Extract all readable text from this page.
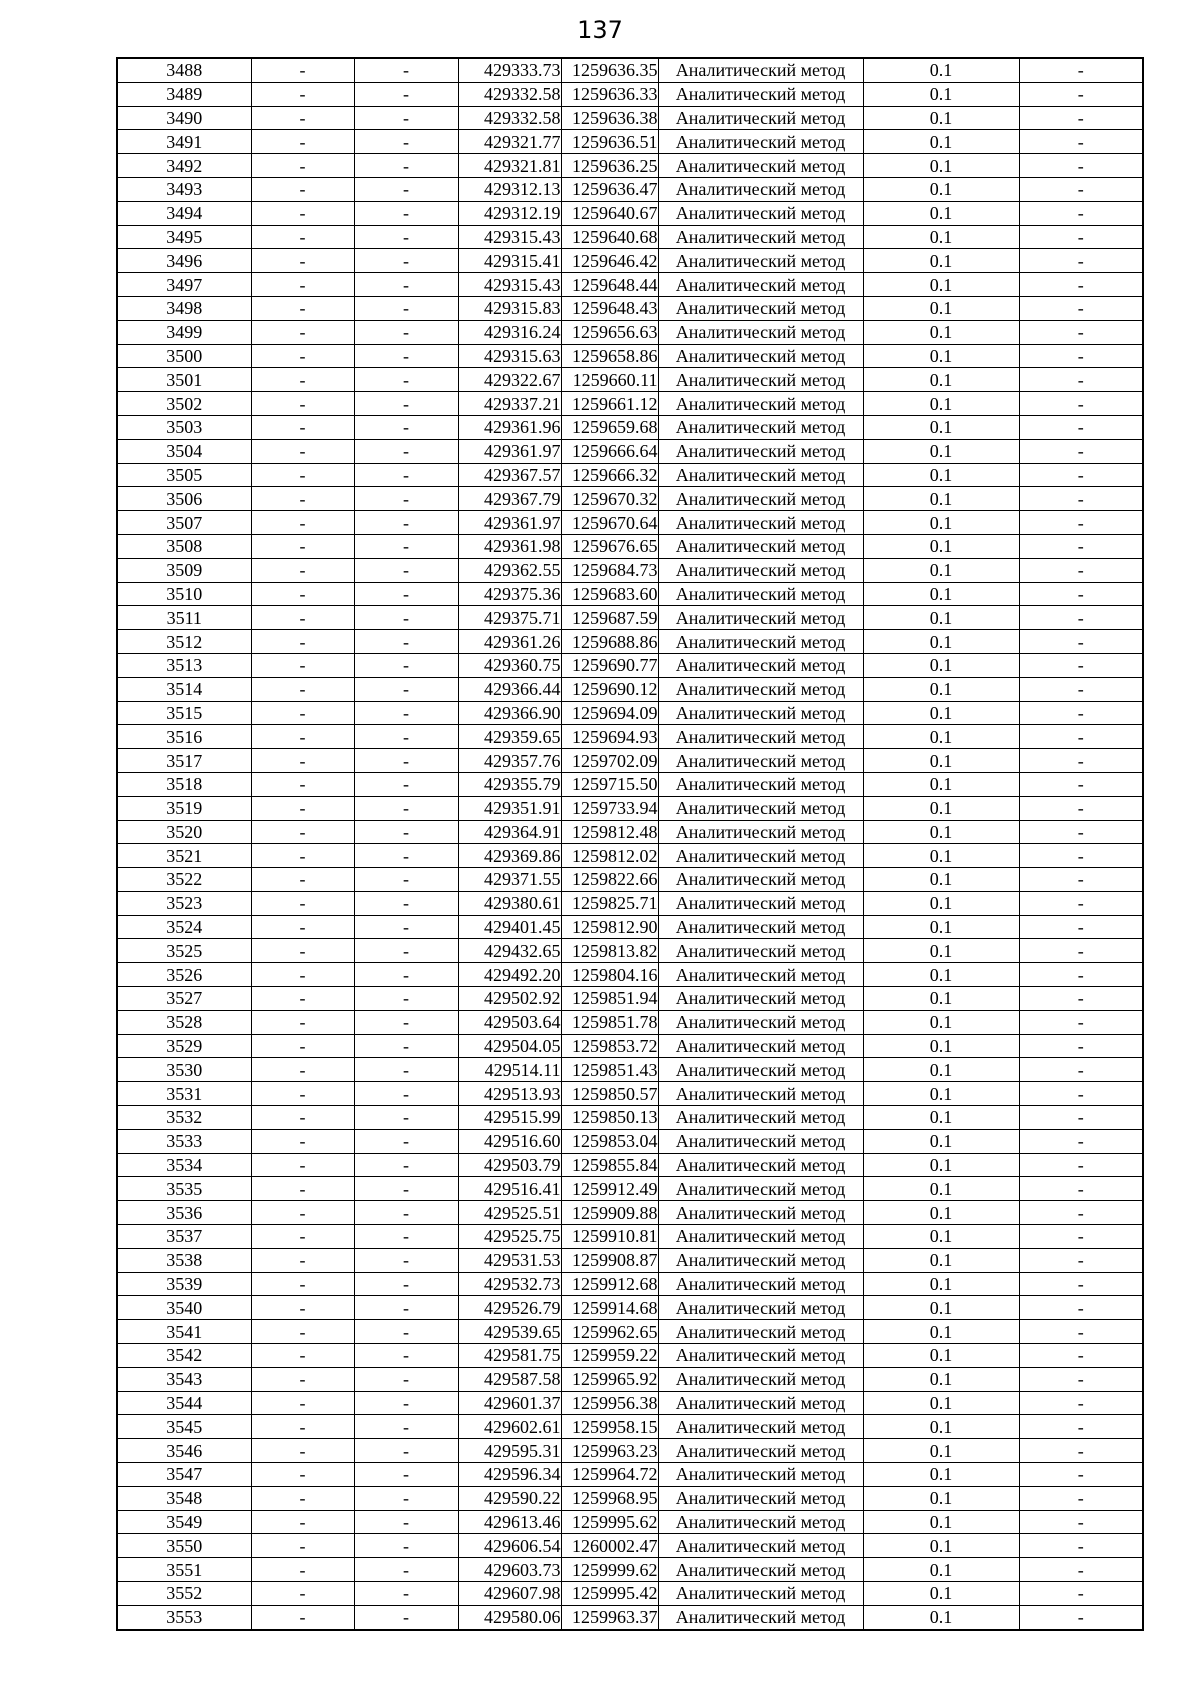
137
3488	-	-	429333.73	1259636.35	Аналитический метод	0.1	-
3489	-	-	429332.58	1259636.33	Аналитический метод	0.1	-
3490	-	-	429332.58	1259636.38	Аналитический метод	0.1	-
3491	-	-	429321.77	1259636.51	Аналитический метод	0.1	-
3492	-	-	429321.81	1259636.25	Аналитический метод	0.1	-
3493	-	-	429312.13	1259636.47	Аналитический метод	0.1	-
3494	-	-	429312.19	1259640.67	Аналитический метод	0.1	-
3495	-	-	429315.43	1259640.68	Аналитический метод	0.1	-
3496	-	-	429315.41	1259646.42	Аналитический метод	0.1	-
3497	-	-	429315.43	1259648.44	Аналитический метод	0.1	-
3498	-	-	429315.83	1259648.43	Аналитический метод	0.1	-
3499	-	-	429316.24	1259656.63	Аналитический метод	0.1	-
3500	-	-	429315.63	1259658.86	Аналитический метод	0.1	-
3501	-	-	429322.67	1259660.11	Аналитический метод	0.1	-
3502	-	-	429337.21	1259661.12	Аналитический метод	0.1	-
3503	-	-	429361.96	1259659.68	Аналитический метод	0.1	-
3504	-	-	429361.97	1259666.64	Аналитический метод	0.1	-
3505	-	-	429367.57	1259666.32	Аналитический метод	0.1	-
3506	-	-	429367.79	1259670.32	Аналитический метод	0.1	-
3507	-	-	429361.97	1259670.64	Аналитический метод	0.1	-
3508	-	-	429361.98	1259676.65	Аналитический метод	0.1	-
3509	-	-	429362.55	1259684.73	Аналитический метод	0.1	-
3510	-	-	429375.36	1259683.60	Аналитический метод	0.1	-
3511	-	-	429375.71	1259687.59	Аналитический метод	0.1	-
3512	-	-	429361.26	1259688.86	Аналитический метод	0.1	-
3513	-	-	429360.75	1259690.77	Аналитический метод	0.1	-
3514	-	-	429366.44	1259690.12	Аналитический метод	0.1	-
3515	-	-	429366.90	1259694.09	Аналитический метод	0.1	-
3516	-	-	429359.65	1259694.93	Аналитический метод	0.1	-
3517	-	-	429357.76	1259702.09	Аналитический метод	0.1	-
3518	-	-	429355.79	1259715.50	Аналитический метод	0.1	-
3519	-	-	429351.91	1259733.94	Аналитический метод	0.1	-
3520	-	-	429364.91	1259812.48	Аналитический метод	0.1	-
3521	-	-	429369.86	1259812.02	Аналитический метод	0.1	-
3522	-	-	429371.55	1259822.66	Аналитический метод	0.1	-
3523	-	-	429380.61	1259825.71	Аналитический метод	0.1	-
3524	-	-	429401.45	1259812.90	Аналитический метод	0.1	-
3525	-	-	429432.65	1259813.82	Аналитический метод	0.1	-
3526	-	-	429492.20	1259804.16	Аналитический метод	0.1	-
3527	-	-	429502.92	1259851.94	Аналитический метод	0.1	-
3528	-	-	429503.64	1259851.78	Аналитический метод	0.1	-
3529	-	-	429504.05	1259853.72	Аналитический метод	0.1	-
3530	-	-	429514.11	1259851.43	Аналитический метод	0.1	-
3531	-	-	429513.93	1259850.57	Аналитический метод	0.1	-
3532	-	-	429515.99	1259850.13	Аналитический метод	0.1	-
3533	-	-	429516.60	1259853.04	Аналитический метод	0.1	-
3534	-	-	429503.79	1259855.84	Аналитический метод	0.1	-
3535	-	-	429516.41	1259912.49	Аналитический метод	0.1	-
3536	-	-	429525.51	1259909.88	Аналитический метод	0.1	-
3537	-	-	429525.75	1259910.81	Аналитический метод	0.1	-
3538	-	-	429531.53	1259908.87	Аналитический метод	0.1	-
3539	-	-	429532.73	1259912.68	Аналитический метод	0.1	-
3540	-	-	429526.79	1259914.68	Аналитический метод	0.1	-
3541	-	-	429539.65	1259962.65	Аналитический метод	0.1	-
3542	-	-	429581.75	1259959.22	Аналитический метод	0.1	-
3543	-	-	429587.58	1259965.92	Аналитический метод	0.1	-
3544	-	-	429601.37	1259956.38	Аналитический метод	0.1	-
3545	-	-	429602.61	1259958.15	Аналитический метод	0.1	-
3546	-	-	429595.31	1259963.23	Аналитический метод	0.1	-
3547	-	-	429596.34	1259964.72	Аналитический метод	0.1	-
3548	-	-	429590.22	1259968.95	Аналитический метод	0.1	-
3549	-	-	429613.46	1259995.62	Аналитический метод	0.1	-
3550	-	-	429606.54	1260002.47	Аналитический метод	0.1	-
3551	-	-	429603.73	1259999.62	Аналитический метод	0.1	-
3552	-	-	429607.98	1259995.42	Аналитический метод	0.1	-
3553	-	-	429580.06	1259963.37	Аналитический метод	0.1	-
